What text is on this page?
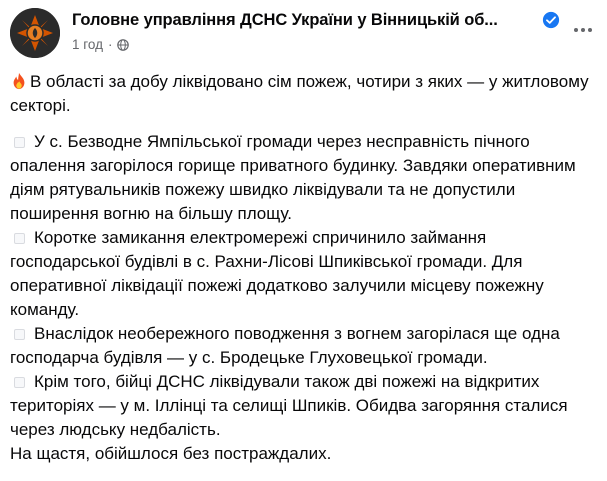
Головне управління ДСНС України у Вінницькій об...
1 год ·

В області за добу ліквідовано сім пожеж, чотири з яких — у житловому секторі.

У с. Безводне Ямпільської громади через несправність пічного опалення загорілося горище приватного будинку. Завдяки оперативним діям рятувальників пожежу швидко ліквідували та не допустили поширення вогню на більшу площу.

Коротке замикання електромережі спричинило займання господарської будівлі в с. Рахни-Лісові Шпиківської громади. Для оперативної ліквідації пожежі додатково залучили місцеву пожежну команду.

Внаслідок необережного поводження з вогнем загорілася ще одна господарча будівля — у с. Бродецьке Глуховецької громади.

Крім того, бійці ДСНС ліквідували також дві пожежі на відкритих територіях — у м. Іллінці та селищі Шпиків. Обидва загоряння сталися через людську недбалість.

На щастя, обійшлося без постраждалих.
